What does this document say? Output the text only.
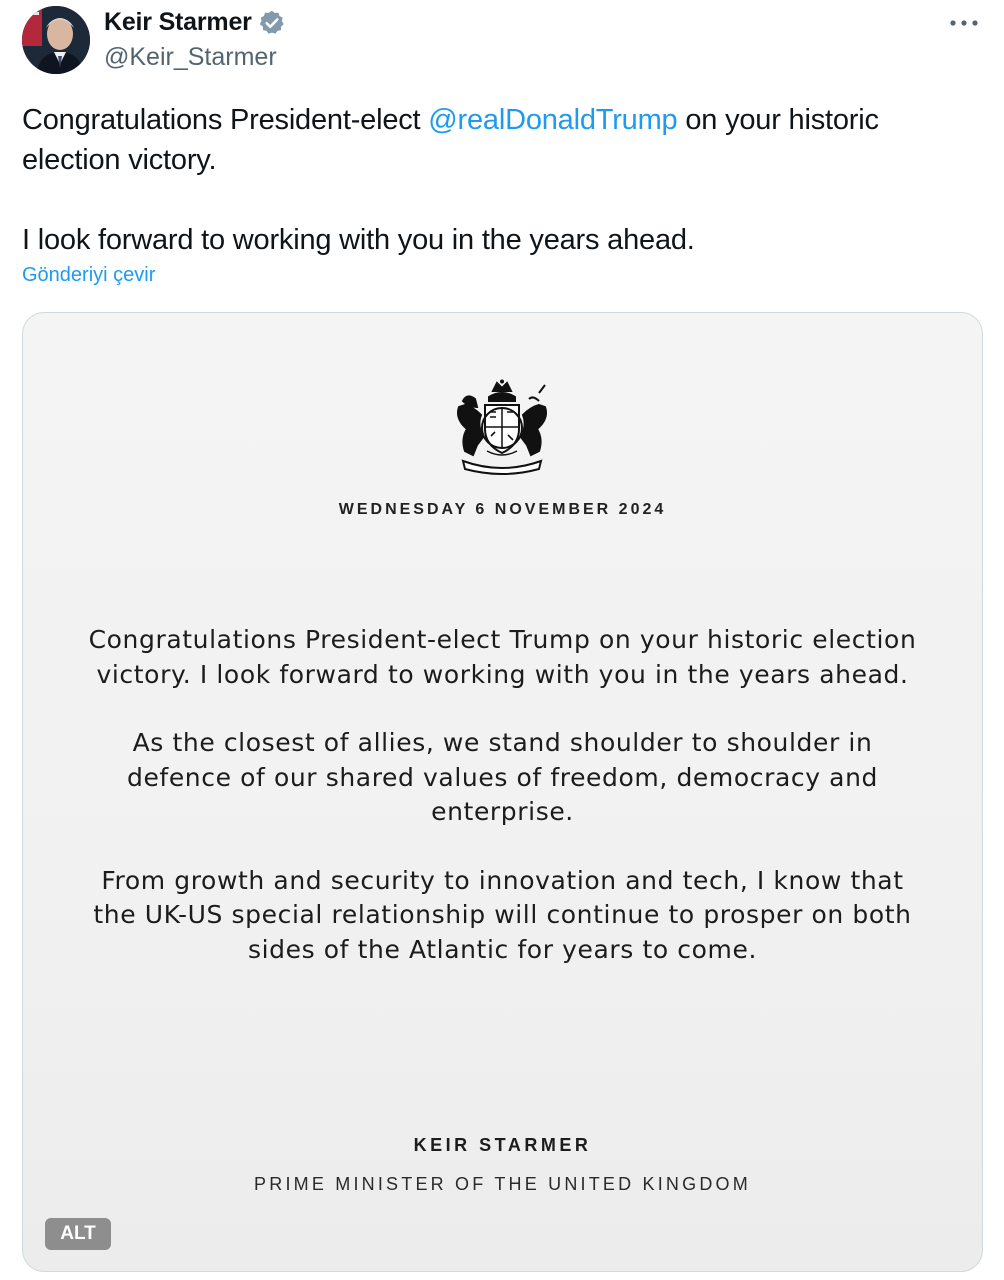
Keir Starmer
@Keir_Starmer
Congratulations President-elect @realDonaldTrump on your historic election victory.
I look forward to working with you in the years ahead.
Gönderiyi çevir
WEDNESDAY 6 NOVEMBER 2024
Congratulations President-elect Trump on your historic election victory. I look forward to working with you in the years ahead.
As the closest of allies, we stand shoulder to shoulder in defence of our shared values of freedom, democracy and enterprise.
From growth and security to innovation and tech, I know that the UK-US special relationship will continue to prosper on both sides of the Atlantic for years to come.
KEIR STARMER
PRIME MINISTER OF THE UNITED KINGDOM
ALT
